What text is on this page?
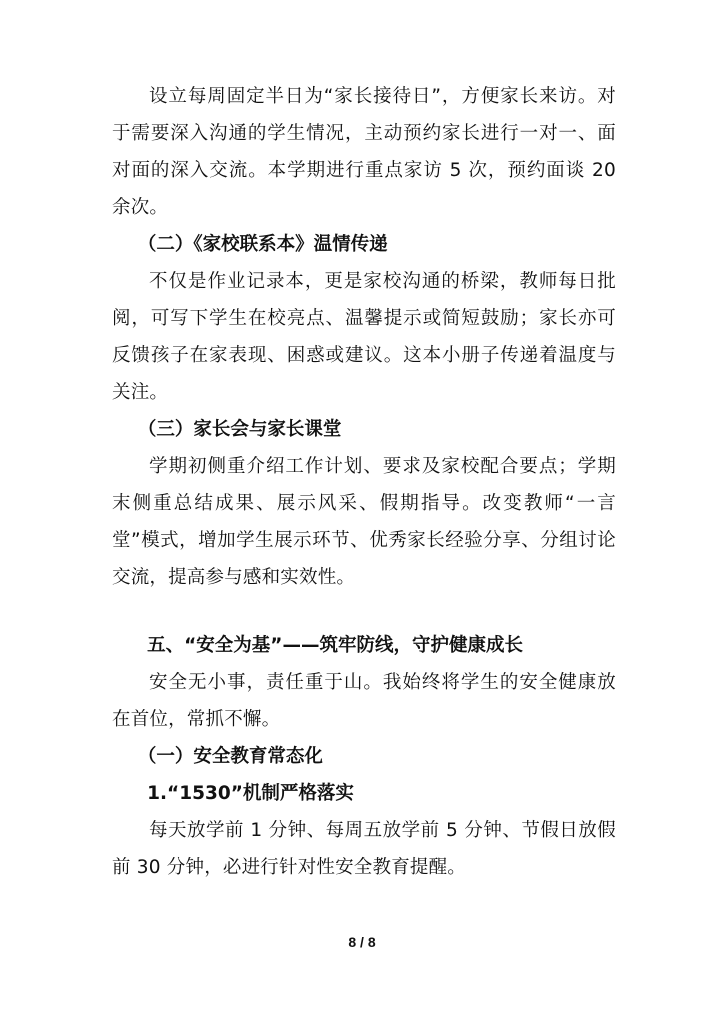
设立每周固定半日为“家长接待日”，方便家长来访。对于需要深入沟通的学生情况，主动预约家长进行一对一、面对面的深入交流。本学期进行重点家访 5 次，预约面谈 20 余次。

（二）《家校联系本》温情传递

不仅是作业记录本，更是家校沟通的桥梁，教师每日批阅，可写下学生在校亮点、温馨提示或简短鼓励；家长亦可反馈孩子在家表现、困惑或建议。这本小册子传递着温度与关注。

（三）家长会与家长课堂

学期初侧重介绍工作计划、要求及家校配合要点；学期末侧重总结成果、展示风采、假期指导。改变教师“一言堂”模式，增加学生展示环节、优秀家长经验分享、分组讨论交流，提高参与感和实效性。

五、“安全为基”——筑牢防线，守护健康成长

安全无小事，责任重于山。我始终将学生的安全健康放在首位，常抓不懈。

（一）安全教育常态化

1.“1530”机制严格落实

每天放学前 1 分钟、每周五放学前 5 分钟、节假日放假前 30 分钟，必进行针对性安全教育提醒。

8 / 8
